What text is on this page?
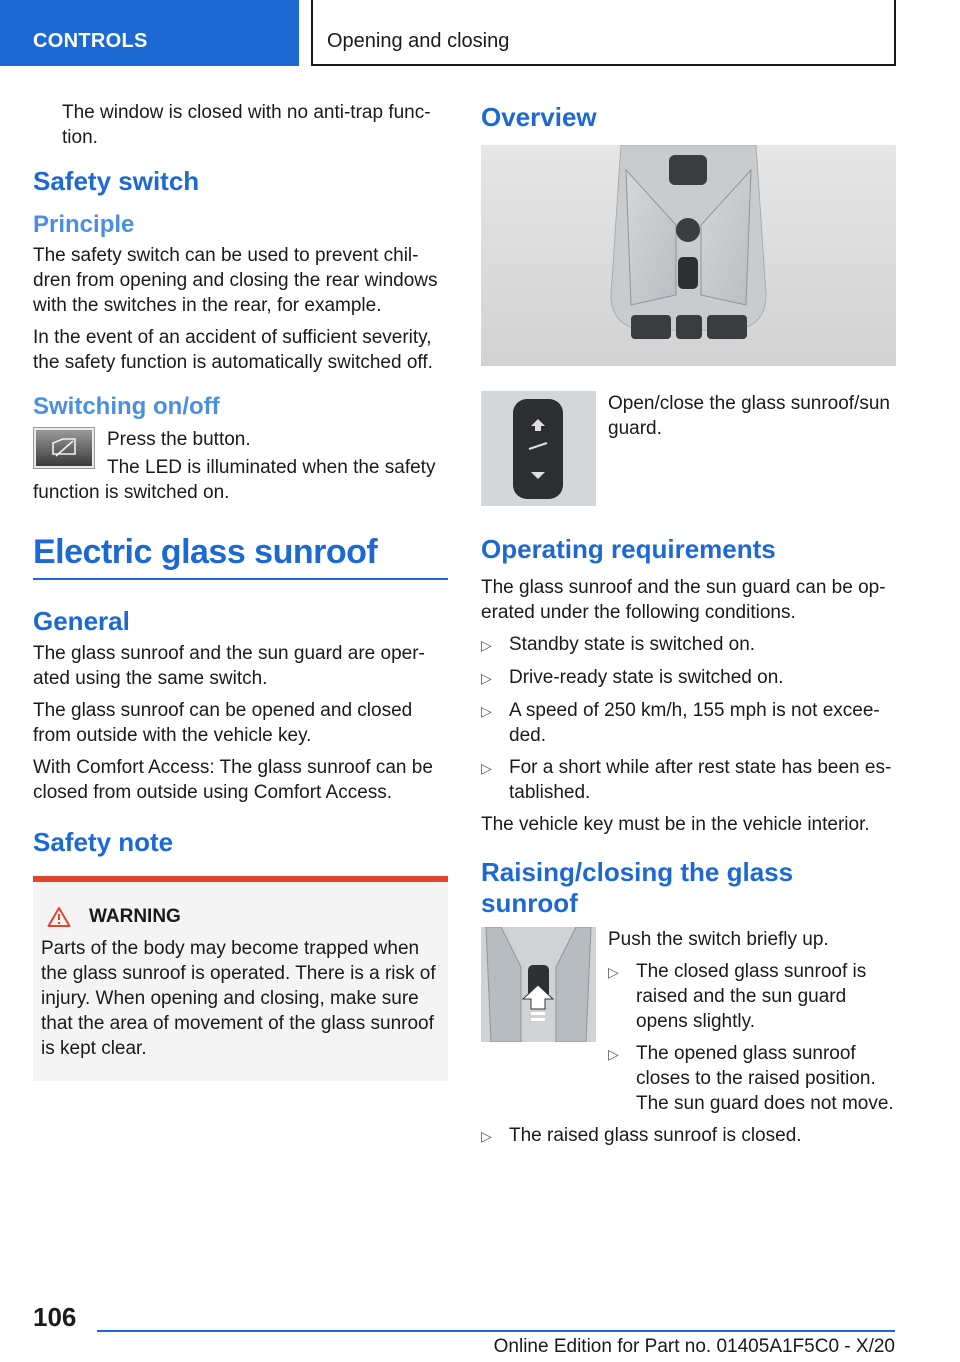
CONTROLS	Opening and closing

The window is closed with no anti-trap func-tion.

Safety switch
Principle

The safety switch can be used to prevent chil-dren from opening and closing the rear windows with the switches in the rear, for example.

In the event of an accident of sufficient severity, the safety function is automatically switched off.

Switching on/off

Press the button.

The LED is illuminated when the safety function is switched on.

Electric glass sunroof
General

The glass sunroof and the sun guard are oper-ated using the same switch.

The glass sunroof can be opened and closed from outside with the vehicle key.

With Comfort Access: The glass sunroof can be closed from outside using Comfort Access.

Safety note
WARNING

Parts of the body may become trapped when the glass sunroof is operated. There is a risk of injury. When opening and closing, make sure that the area of movement of the glass sunroof is kept clear.

Overview

Open/close the glass sunroof/sun guard.

Operating requirements

The glass sunroof and the sun guard can be op-erated under the following conditions.

▷ Standby state is switched on.
▷ Drive-ready state is switched on.
▷ A speed of 250 km/h, 155 mph is not excee-ded.
▷ For a short while after rest state has been es-tablished.

The vehicle key must be in the vehicle interior.

Raising/closing the glass sunroof

Push the switch briefly up.

▷ The closed glass sunroof is raised and the sun guard opens slightly.
▷ The opened glass sunroof closes to the raised position. The sun guard does not move.
▷ The raised glass sunroof is closed.
106
Online Edition for Part no. 01405A1F5C0 - X/20
